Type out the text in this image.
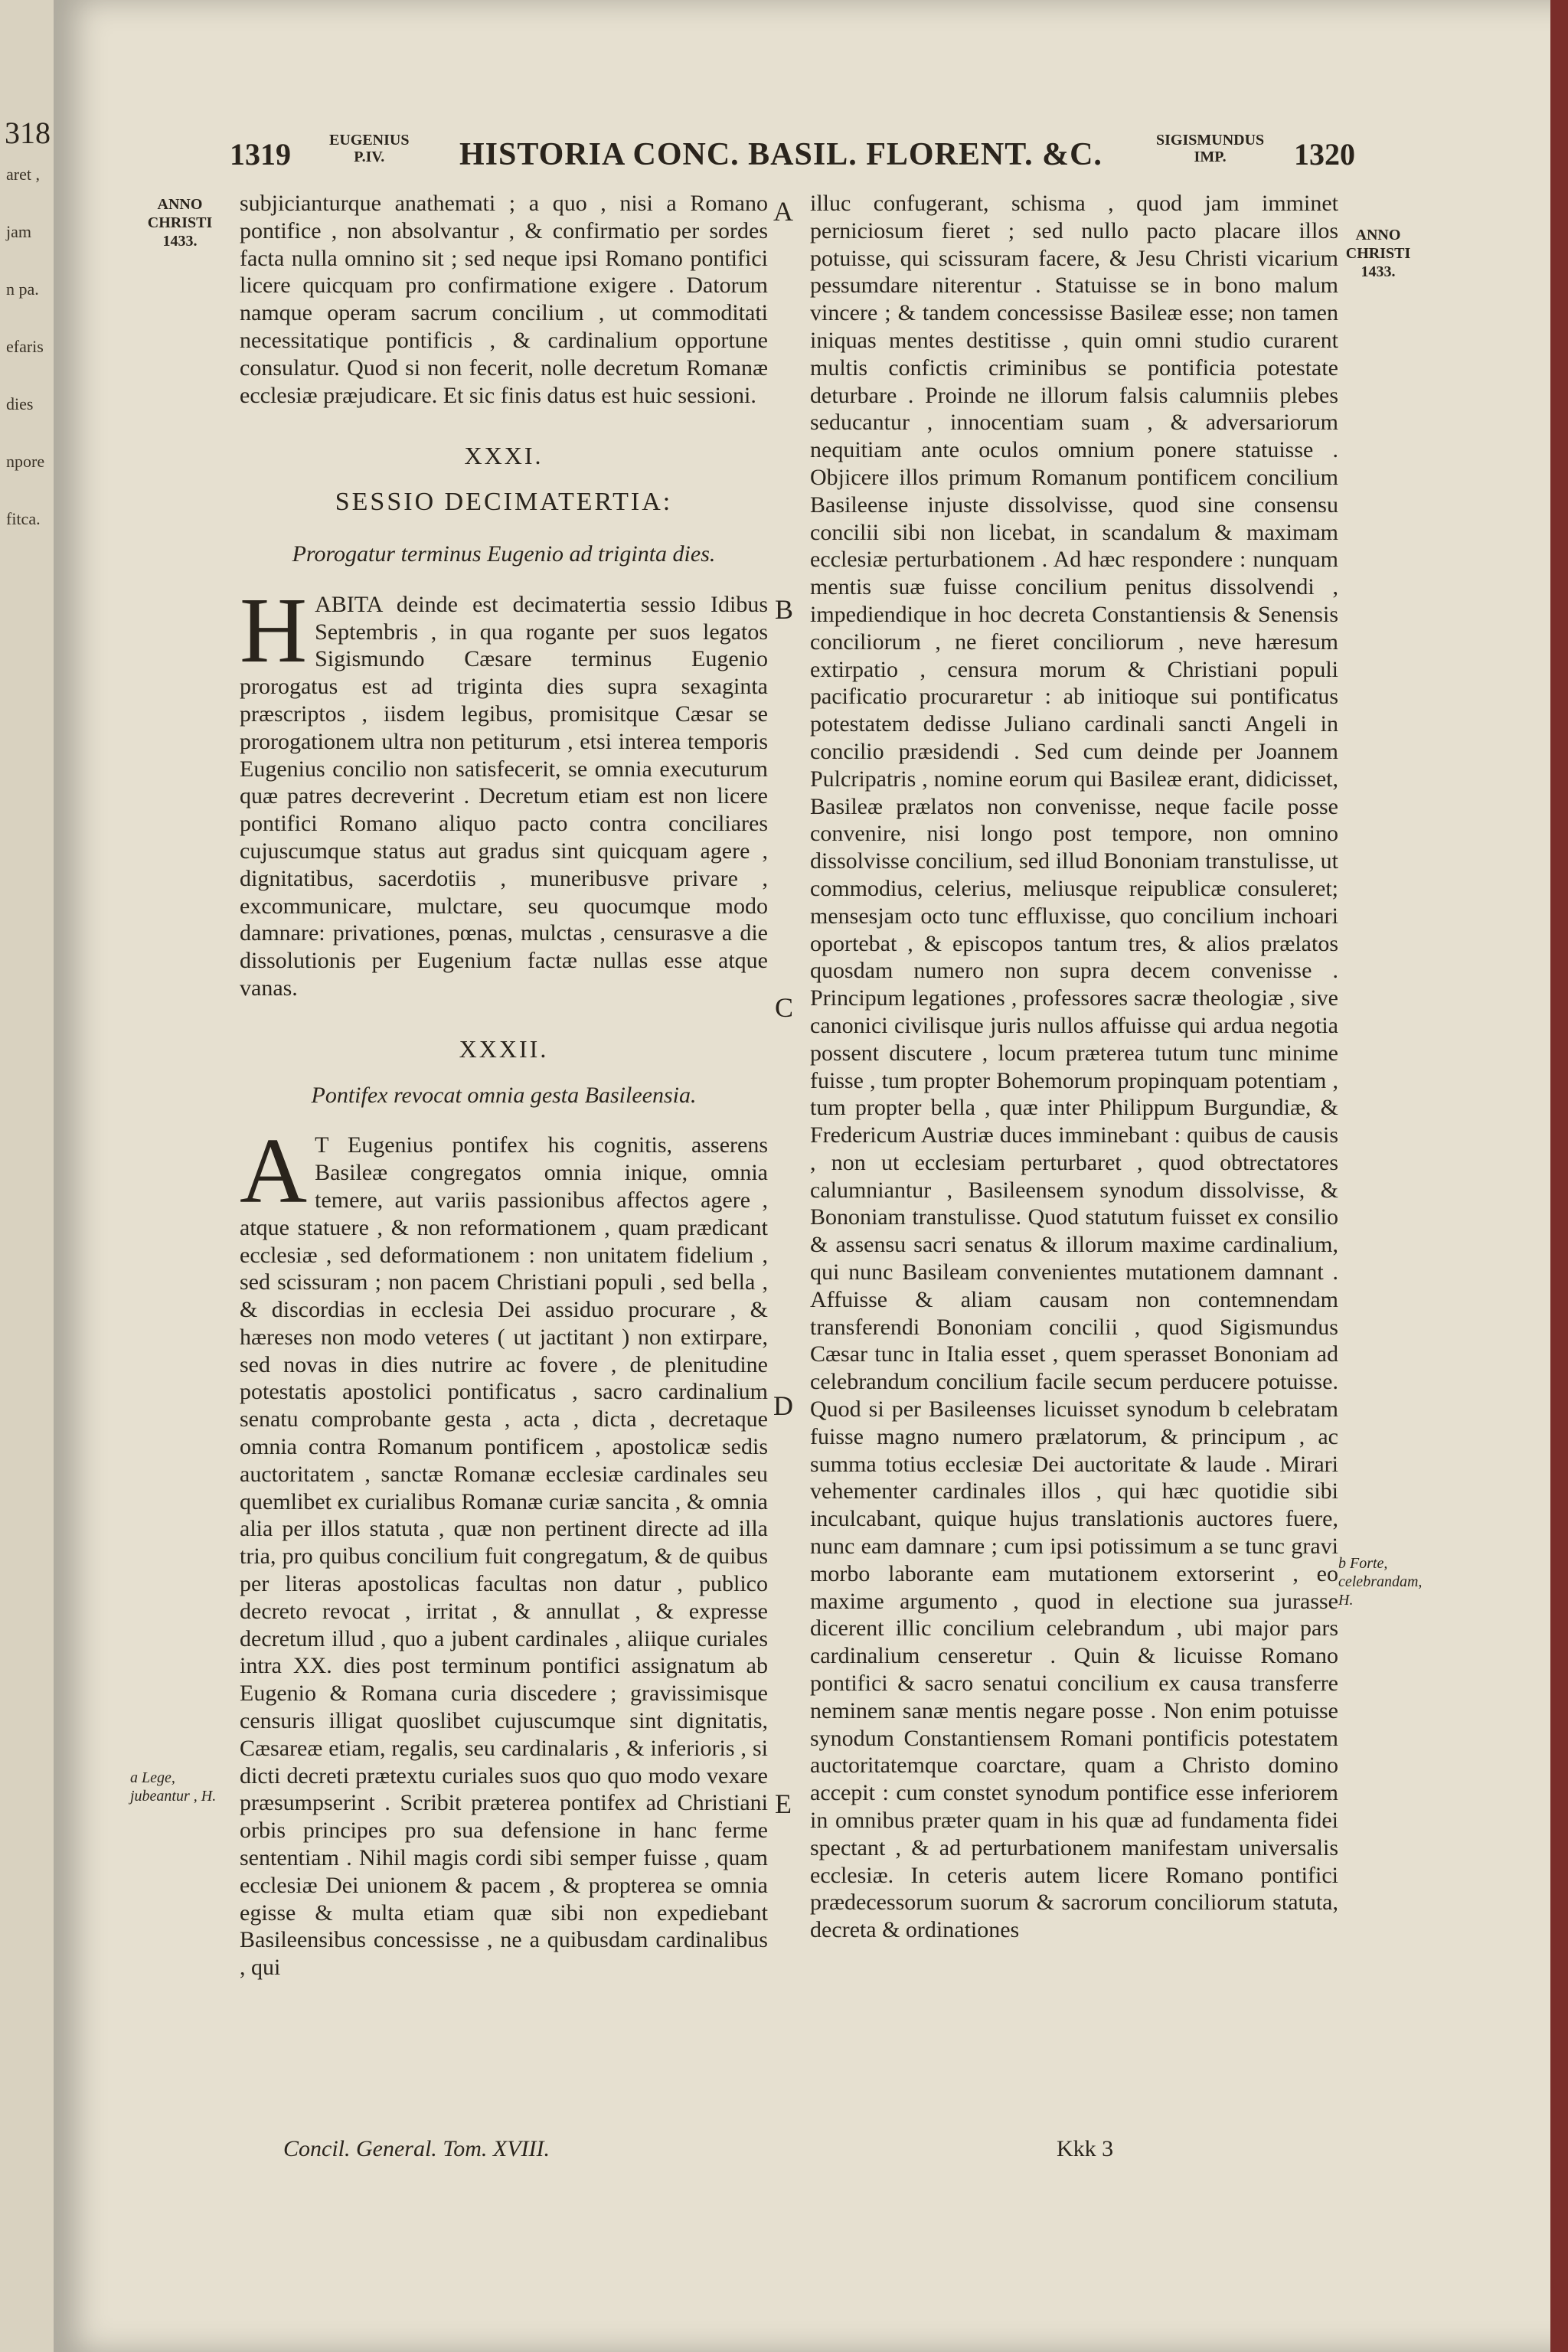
318
aret ,
jam
n pa.
efaris
dies
npore
fitca.
1319	EUGENIUS
P.IV.	HISTORIA CONC. BASIL. FLORENT. &C.	SIGISMUNDUS
IMP.	1320
ANNO
CHRISTI
1433.	ANNO
CHRISTI
1433.
A
B
C
D
E

subjicianturque anathemati ; a quo , nisi a Romano pontifice , non absolvantur , & confirmatio per sordes facta nulla omnino sit ; sed neque ipsi Romano pontifici licere quicquam pro confirmatione exigere . Datorum namque operam sacrum concilium , ut commoditati necessitatique pontificis , & cardinalium opportune consulatur. Quod si non fecerit, nolle decretum Romanæ ecclesiæ præjudicare. Et sic finis datus est huic sessioni.

XXXI.
SESSIO DECIMATERTIA:
Prorogatur terminus Eugenio ad triginta dies.

HABITA deinde est decimatertia sessio Idibus Septembris , in qua rogante per suos legatos Sigismundo Cæsare terminus Eugenio prorogatus est ad triginta dies supra sexaginta præscriptos , iisdem legibus, promisitque Cæsar se prorogationem ultra non petiturum , etsi interea temporis Eugenius concilio non satisfecerit, se omnia executurum quæ patres decreverint . Decretum etiam est non licere pontifici Romano aliquo pacto contra conciliares cujuscumque status aut gradus sint quicquam agere , dignitatibus, sacerdotiis , muneribusve privare , excommunicare, mulctare, seu quocumque modo damnare: privationes, pœnas, mulctas , censurasve a die dissolutionis per Eugenium factæ nullas esse atque vanas.

XXXII.
Pontifex revocat omnia gesta Basileensia.

A T Eugenius pontifex his cognitis, asserens Basileæ congregatos omnia inique, omnia temere, aut variis passionibus affectos agere , atque statuere , & non reformationem , quam prædicant ecclesiæ , sed deformationem : non unitatem fidelium , sed scissuram ; non pacem Christiani populi , sed bella , & discordias in ecclesia Dei assiduo procurare , & hæreses non modo veteres ( ut jactitant ) non extirpare, sed novas in dies nutrire ac fovere , de plenitudine potestatis apostolici pontificatus , sacro cardinalium senatu comprobante gesta , acta , dicta , decretaque omnia contra Romanum pontificem , apostolicæ sedis auctoritatem , sanctæ Romanæ ecclesiæ cardinales seu quemlibet ex curialibus Romanæ curiæ sancita , & omnia alia per illos statuta , quæ non pertinent directe ad illa tria, pro quibus concilium fuit congregatum, & de quibus per literas apostolicas facultas non datur , publico decreto revocat , irritat , & annullat , & expresse decretum illud , quo a jubent cardinales , aliique curiales intra XX. dies post terminum pontifici assignatum ab Eugenio & Romana curia discedere ; gravissimisque censuris illigat quoslibet cujuscumque sint dignitatis, Cæsareæ etiam, regalis, seu cardinalaris , & inferioris , si dicti decreti prætextu curiales suos quo quo modo vexare præsumpserint . Scribit præterea pontifex ad Christiani orbis principes pro sua defensione in hanc ferme sententiam . Nihil magis cordi sibi semper fuisse , quam ecclesiæ Dei unionem & pacem , & propterea se omnia egisse & multa etiam quæ sibi non expediebant Basileensibus concessisse , ne a quibusdam cardinalibus , qui

illuc confugerant, schisma , quod jam imminet perniciosum fieret ; sed nullo pacto placare illos potuisse, qui scissuram facere, & Jesu Christi vicarium pessumdare niterentur . Statuisse se in bono malum vincere ; & tandem concessisse Basileæ esse; non tamen iniquas mentes destitisse , quin omni studio curarent multis confictis criminibus se pontificia potestate deturbare . Proinde ne illorum falsis calumniis plebes seducantur , innocentiam suam , & adversariorum nequitiam ante oculos omnium ponere statuisse . Objicere illos primum Romanum pontificem concilium Basileense injuste dissolvisse, quod sine consensu concilii sibi non licebat, in scandalum & maximam ecclesiæ perturbationem . Ad hæc respondere : nunquam mentis suæ fuisse concilium penitus dissolvendi , impediendique in hoc decreta Constantiensis & Senensis conciliorum , ne fieret conciliorum , neve hæresum extirpatio , censura morum & Christiani populi pacificatio procuraretur : ab initioque sui pontificatus potestatem dedisse Juliano cardinali sancti Angeli in concilio præsidendi . Sed cum deinde per Joannem Pulcripatris , nomine eorum qui Basileæ erant, didicisset, Basileæ prælatos non convenisse, neque facile posse convenire, nisi longo post tempore, non omnino dissolvisse concilium, sed illud Bononiam transtulisse, ut commodius, celerius, meliusque reipublicæ consuleret; mensesjam octo tunc effluxisse, quo concilium inchoari oportebat , & episcopos tantum tres, & alios prælatos quosdam numero non supra decem convenisse . Principum legationes , professores sacræ theologiæ , sive canonici civilisque juris nullos affuisse qui ardua negotia possent discutere , locum præterea tutum tunc minime fuisse , tum propter Bohemorum propinquam potentiam , tum propter bella , quæ inter Philippum Burgundiæ, & Fredericum Austriæ duces imminebant : quibus de causis , non ut ecclesiam perturbaret , quod obtrectatores calumniantur , Basileensem synodum dissolvisse, & Bononiam transtulisse. Quod statutum fuisset ex consilio & assensu sacri senatus & illorum maxime cardinalium, qui nunc Basileam convenientes mutationem damnant . Affuisse & aliam causam non contemnendam transferendi Bononiam concilii , quod Sigismundus Cæsar tunc in Italia esset , quem sperasset Bononiam ad celebrandum concilium facile secum perducere potuisse. Quod si per Basileenses licuisset synodum b celebratam fuisse magno numero prælatorum, & principum , ac summa totius ecclesiæ Dei auctoritate & laude . Mirari vehementer cardinales illos , qui hæc quotidie sibi inculcabant, quique hujus translationis auctores fuere, nunc eam damnare ; cum ipsi potissimum a se tunc gravi morbo laborante eam mutationem extorserint , eo maxime argumento , quod in electione sua jurasse dicerent illic concilium celebrandum , ubi major pars cardinalium censeretur . Quin & licuisse Romano pontifici & sacro senatui concilium ex causa transferre neminem sanæ mentis negare posse . Non enim potuisse synodum Constantiensem Romani pontificis potestatem auctoritatemque coarctare, quam a Christo domino accepit : cum constet synodum pontifice esse inferiorem in omnibus præter quam in his quæ ad fundamenta fidei spectant , & ad perturbationem manifestam universalis ecclesiæ. In ceteris autem licere Romano pontifici prædecessorum suorum & sacrorum conciliorum statuta, decreta & ordinationes

a Lege, jubeantur , H.
b Forte, celebrandam, H.
Concil. General. Tom. XVIII.	Kkk 3
